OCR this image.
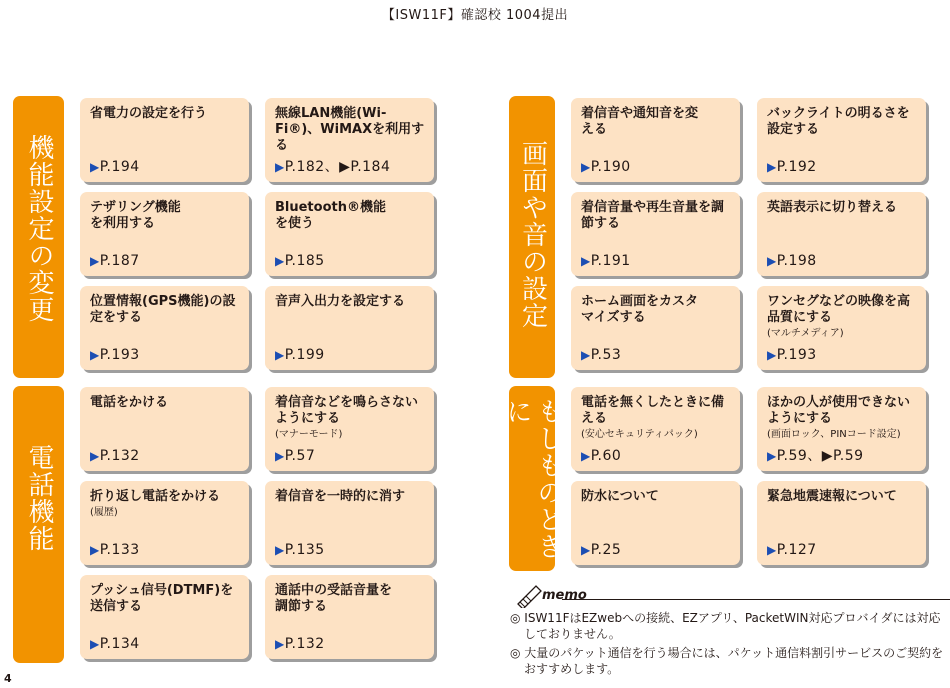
【ISW11F】確認校 1004提出
機能設定の変更
電話機能
画面や音の設定
もしものときに
省電力の設定を行う
▶P.194
無線LAN機能(Wi-Fi®)、WiMAXを利用する
▶P.182、▶P.184
テザリング機能を利用する
▶P.187
Bluetooth®機能を使う
▶P.185
位置情報(GPS機能)の設定をする
▶P.193
音声入出力を設定する
▶P.199
電話をかける
▶P.132
着信音などを鳴らさないようにする
(マナーモード)
▶P.57
折り返し電話をかける
(履歴)
▶P.133
着信音を一時的に消す
▶P.135
プッシュ信号(DTMF)を送信する
▶P.134
通話中の受話音量を調節する
▶P.132
着信音や通知音を変える
▶P.190
バックライトの明るさを設定する
▶P.192
着信音量や再生音量を調節する
▶P.191
英語表示に切り替える
▶P.198
ホーム画面をカスタマイズする
▶P.53
ワンセグなどの映像を高品質にする
(マルチメディア)
▶P.193
電話を無くしたときに備える
(安心セキュリティパック)
▶P.60
ほかの人が使用できないようにする
(画面ロック、PINコード設定)
▶P.59、▶P.59
防水について
▶P.25
緊急地震速報について
▶P.127
memo
◎ ISW11FはEZwebへの接続、EZアプリ、PacketWIN対応プロバイダには対応しておりません。
◎ 大量のパケット通信を行う場合には、パケット通信料割引サービスのご契約をおすすめします。
4
